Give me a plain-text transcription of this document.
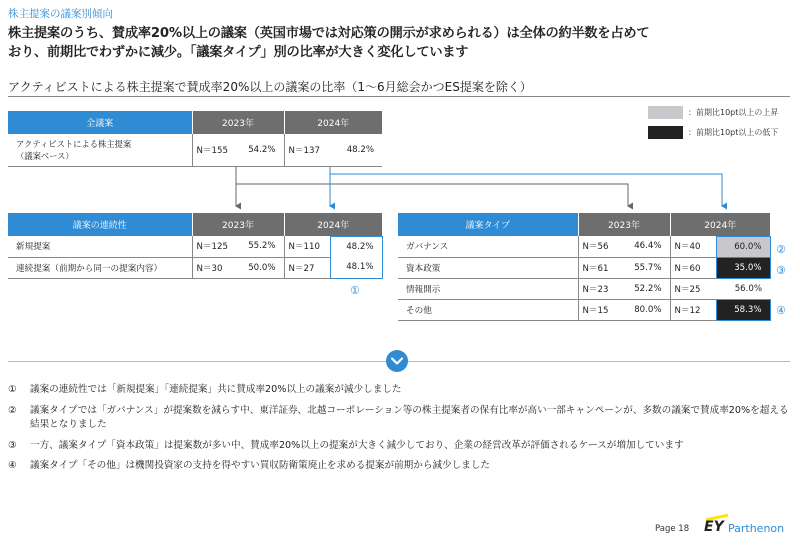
株主提案の議案別傾向
株主提案のうち、賛成率20%以上の議案（英国市場では対応策の開示が求められる）は全体の約半数を占めて
おり、前期比でわずかに減少。「議案タイプ」別の比率が大きく変化しています
アクティビストによる株主提案で賛成率20%以上の議案の比率（1～6月総会かつES提案を除く）
：前期比10pt以上の上昇
：前期比10pt以上の低下
全議案	2023年		2024年	
アクティビストによる株主提案
（議案ベース）	N＝155	54.2%	N＝137	48.2%
議案の連続性	2023年		2024年	
新規提案	N＝125	55.2%	N＝110	48.2%
連続提案（前期から同一の提案内容）	N＝30	50.0%	N＝27	48.1%
①
議案タイプ	2023年		2024年	
ガバナンス	N＝56	46.4%	N＝40	60.0%
資本政策	N＝61	55.7%	N＝60	35.0%
情報開示	N＝23	52.2%	N＝25	56.0%
その他	N＝15	80.0%	N＝12	58.3%
②
③
④
①	議案の連続性では「新規提案」「連続提案」共に賛成率20%以上の議案が減少しました
②	議案タイプでは「ガバナンス」が提案数を減らす中、東洋証券、北越コーポレーション等の株主提案者の保有比率が高い一部キャンペーンが、多数の議案で賛成率20%を超える結果となりました
③	一方、議案タイプ「資本政策」は提案数が多い中、賛成率20%以上の提案が大きく減少しており、企業の経営改革が評価されるケースが増加しています
④	議案タイプ「その他」は機関投資家の支持を得やすい買収防衛策廃止を求める提案が前期から減少しました
Page 18 EY Parthenon
